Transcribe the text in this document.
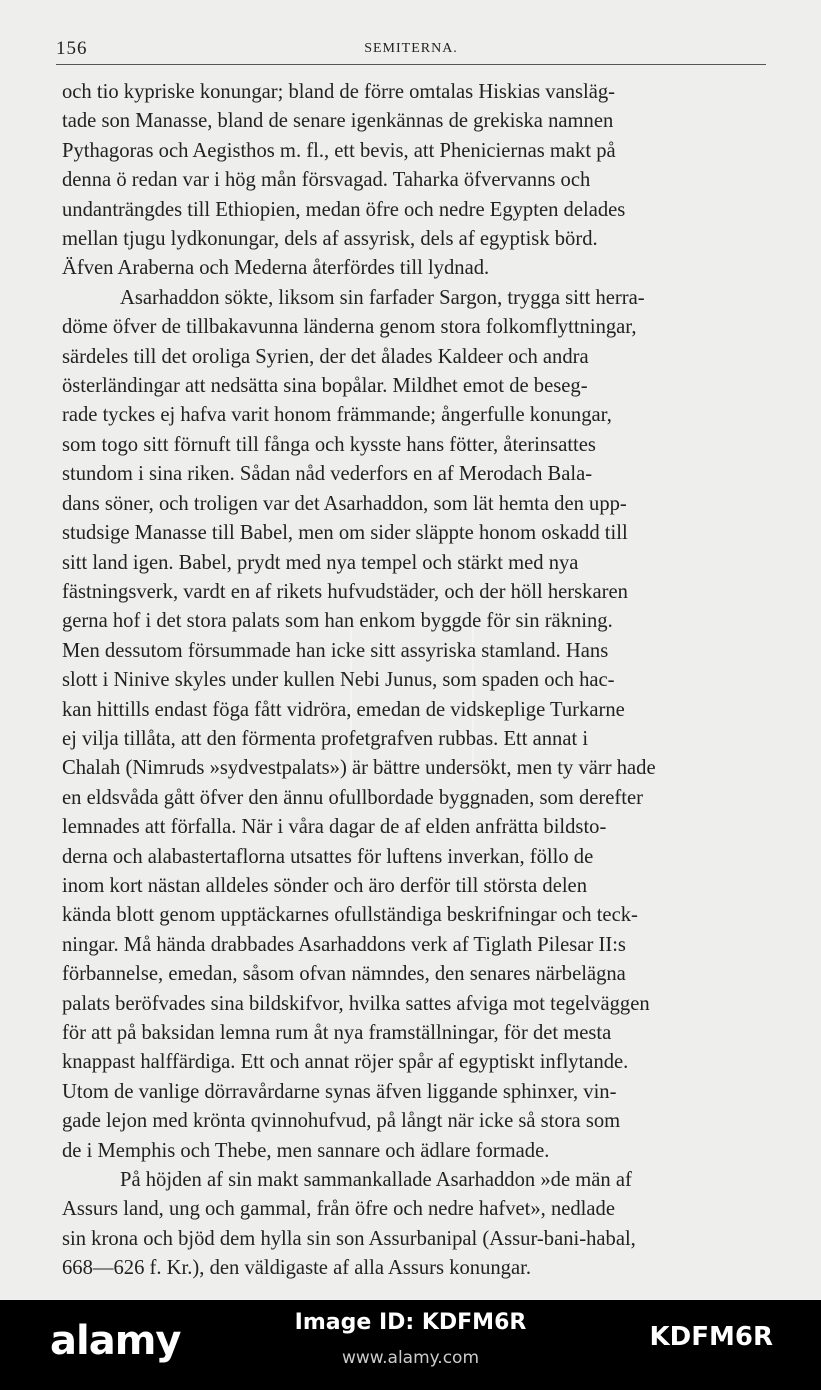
156	SEMITERNA.
och tio kypriske konungar; bland de förre omtalas Hiskias vansläg-
tade son Manasse, bland de senare igenkännas de grekiska namnen
Pythagoras och Aegisthos m. fl., ett bevis, att Pheniciernas makt på
denna ö redan var i hög mån försvagad. Taharka öfvervanns och
undanträngdes till Ethiopien, medan öfre och nedre Egypten delades
mellan tjugu lydkonungar, dels af assyrisk, dels af egyptisk börd.
Äfven Araberna och Mederna återfördes till lydnad.
Asarhaddon sökte, liksom sin farfader Sargon, trygga sitt herra-
döme öfver de tillbakavunna länderna genom stora folkomflyttningar,
särdeles till det oroliga Syrien, der det ålades Kaldeer och andra
österländingar att nedsätta sina bopålar. Mildhet emot de beseg-
rade tyckes ej hafva varit honom främmande; ångerfulle konungar,
som togo sitt förnuft till fånga och kysste hans fötter, återinsattes
stundom i sina riken. Sådan nåd vederfors en af Merodach Bala-
dans söner, och troligen var det Asarhaddon, som lät hemta den upp-
studsige Manasse till Babel, men om sider släppte honom oskadd till
sitt land igen. Babel, prydt med nya tempel och stärkt med nya
fästningsverk, vardt en af rikets hufvudstäder, och der höll herskaren
gerna hof i det stora palats som han enkom byggde för sin räkning.
Men dessutom försummade han icke sitt assyriska stamland. Hans
slott i Ninive skyles under kullen Nebi Junus, som spaden och hac-
kan hittills endast föga fått vidröra, emedan de vidskeplige Turkarne
ej vilja tillåta, att den förmenta profetgrafven rubbas. Ett annat i
Chalah (Nimruds »sydvestpalats») är bättre undersökt, men ty värr hade
en eldsvåda gått öfver den ännu ofullbordade byggnaden, som derefter
lemnades att förfalla. När i våra dagar de af elden anfrätta bildsto-
derna och alabastertaflorna utsattes för luftens inverkan, föllo de
inom kort nästan alldeles sönder och äro derför till största delen
kända blott genom upptäckarnes ofullständiga beskrifningar och teck-
ningar. Må hända drabbades Asarhaddons verk af Tiglath Pilesar II:s
förbannelse, emedan, såsom ofvan nämndes, den senares närbelägna
palats beröfvades sina bildskifvor, hvilka sattes afviga mot tegelväggen
för att på baksidan lemna rum åt nya framställningar, för det mesta
knappast halffärdiga. Ett och annat röjer spår af egyptiskt inflytande.
Utom de vanlige dörravårdarne synas äfven liggande sphinxer, vin-
gade lejon med krönta qvinnohufvud, på långt när icke så stora som
de i Memphis och Thebe, men sannare och ädlare formade.
På höjden af sin makt sammankallade Asarhaddon »de män af
Assurs land, ung och gammal, från öfre och nedre hafvet», nedlade
sin krona och bjöd dem hylla sin son Assurbanipal (Assur-bani-habal,
668—626 f. Kr.), den väldigaste af alla Assurs konungar.
alamy	Image ID: KDFM6R
www.alamy.com
KDFM6R
